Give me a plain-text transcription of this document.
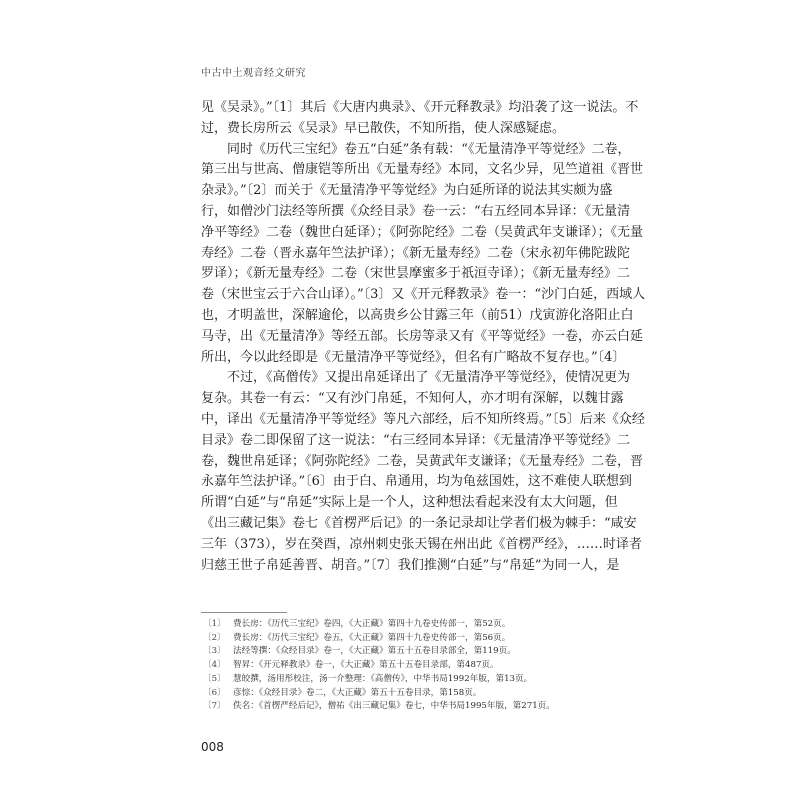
中古中土观音经文研究
见《吴录》。”〔1〕其后《大唐内典录》、《开元释教录》均沿袭了这一说法。不
过，费长房所云《吴录》早已散佚，不知所指，使人深感疑虑。
同时《历代三宝纪》卷五“白延”条有载：“《无量清净平等觉经》二卷，
第三出与世高、僧康铠等所出《无量寿经》本同，文名少异，见竺道祖《晋世
杂录》。”〔2〕而关于《无量清净平等觉经》为白延所译的说法其实颇为盛
行，如僧沙门法经等所撰《众经目录》卷一云：“右五经同本异译：《无量清
净平等经》二卷（魏世白延译）；《阿弥陀经》二卷（吴黄武年支谦译）；《无量
寿经》二卷（晋永嘉年竺法护译）；《新无量寿经》二卷（宋永初年佛陀跋陀
罗译）；《新无量寿经》二卷（宋世昙摩蜜多于祇洹寺译）；《新无量寿经》二
卷（宋世宝云于六合山译）。”〔3〕又《开元释教录》卷一：“沙门白延，西域人
也，才明盖世，深解逾伦，以高贵乡公甘露三年（前51）戊寅游化洛阳止白
马寺，出《无量清净》等经五部。长房等录又有《平等觉经》一卷，亦云白延
所出，今以此经即是《无量清净平等觉经》，但名有广略故不复存也。”〔4〕
不过，《高僧传》又提出帛延译出了《无量清净平等觉经》，使情况更为
复杂。其卷一有云：“又有沙门帛延，不知何人，亦才明有深解，以魏甘露
中，译出《无量清净平等觉经》等凡六部经，后不知所终焉。”〔5〕后来《众经
目录》卷二即保留了这一说法：“右三经同本异译：《无量清净平等觉经》二
卷，魏世帛延译；《阿弥陀经》二卷，吴黄武年支谦译；《无量寿经》二卷，晋
永嘉年竺法护译。”〔6〕由于白、帛通用，均为龟兹国姓，这不难使人联想到
所谓“白延”与“帛延”实际上是一个人，这种想法看起来没有太大问题，但
《出三藏记集》卷七《首楞严后记》的一条记录却让学者们极为棘手：“咸安
三年（373），岁在癸酉，凉州刺史张天锡在州出此《首楞严经》，……时译者
归慈王世子帛延善晋、胡音。”〔7〕我们推测“白延”与“帛延”为同一人，是
〔1〕 费长房：《历代三宝纪》卷四，《大正藏》第四十九卷史传部一，第52页。
〔2〕 费长房：《历代三宝纪》卷五，《大正藏》第四十九卷史传部一，第56页。
〔3〕 法经等撰：《众经目录》卷一，《大正藏》第五十五卷目录部全，第119页。
〔4〕 智昇：《开元释教录》卷一，《大正藏》第五十五卷目录部，第487页。
〔5〕 慧皎撰，汤用彤校注，汤一介整理：《高僧传》，中华书局1992年版，第13页。
〔6〕 彦悰：《众经目录》卷二，《大正藏》第五十五卷目录，第158页。
〔7〕 佚名：《首楞严经后记》，僧祐《出三藏记集》卷七，中华书局1995年版，第271页。
008
